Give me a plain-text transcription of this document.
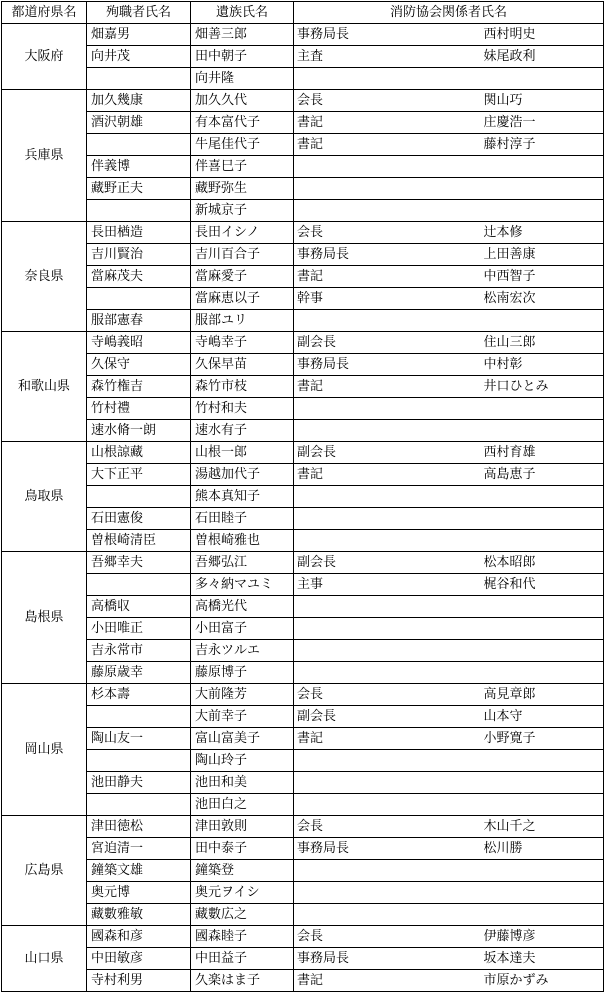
都道府県名	殉職者氏名	遺族氏名	消防協会関係者氏名	
大阪府	畑嘉男	畑善三郎	事務局長	西村明史
	向井茂	田中朝子	主査	妹尾政利
		向井隆		
兵庫県	加久幾康	加久久代	会長	関山巧
	酒沢朝雄	有本富代子	書記	庄慶浩一
		牛尾佳代子	書記	藤村淳子
	伴義博	伴喜巳子		
	藏野正夫	藏野弥生		
		新城京子		
奈良県	長田楢造	長田イシノ	会長	辻本修
	吉川賢治	吉川百合子	事務局長	上田善康
	當麻茂夫	當麻愛子	書記	中西智子
		當麻恵以子	幹事	松南宏次
	服部憲春	服部ユリ		
和歌山県	寺嶋義昭	寺嶋幸子	副会長	住山三郎
	久保守	久保早苗	事務局長	中村彰
	森竹権吉	森竹市枝	書記	井口ひとみ
	竹村禮	竹村和夫		
	速水脩一朗	速水有子		
鳥取県	山根諒藏	山根一郎	副会長	西村育雄
	大下正平	湯越加代子	書記	高島恵子
		熊本真知子		
	石田憲俊	石田睦子		
	曽根崎清臣	曽根崎雅也		
島根県	吾郷幸夫	吾郷弘江	副会長	松本昭郎
		多々納マユミ	主事	梶谷和代
	高橋収	高橋光代		
	小田唯正	小田富子		
	吉永常市	吉永ツルエ		
	藤原歳幸	藤原博子		
岡山県	杉本壽	大前隆芳	会長	高見章郎
		大前幸子	副会長	山本守
	陶山友一	富山富美子	書記	小野寛子
		陶山玲子		
	池田静夫	池田和美		
		池田白之		
広島県	津田徳松	津田敦則	会長	木山千之
	宮迫清一	田中泰子	事務局長	松川勝
	鐘築文雄	鐘築登		
	奥元博	奥元ヲイシ		
	藏數雅敏	藏數広之		
山口県	國森和彦	國森睦子	会長	伊藤博彦
	中田敏彦	中田益子	事務局長	坂本達夫
	寺村利男	久楽はま子	書記	市原かずみ
